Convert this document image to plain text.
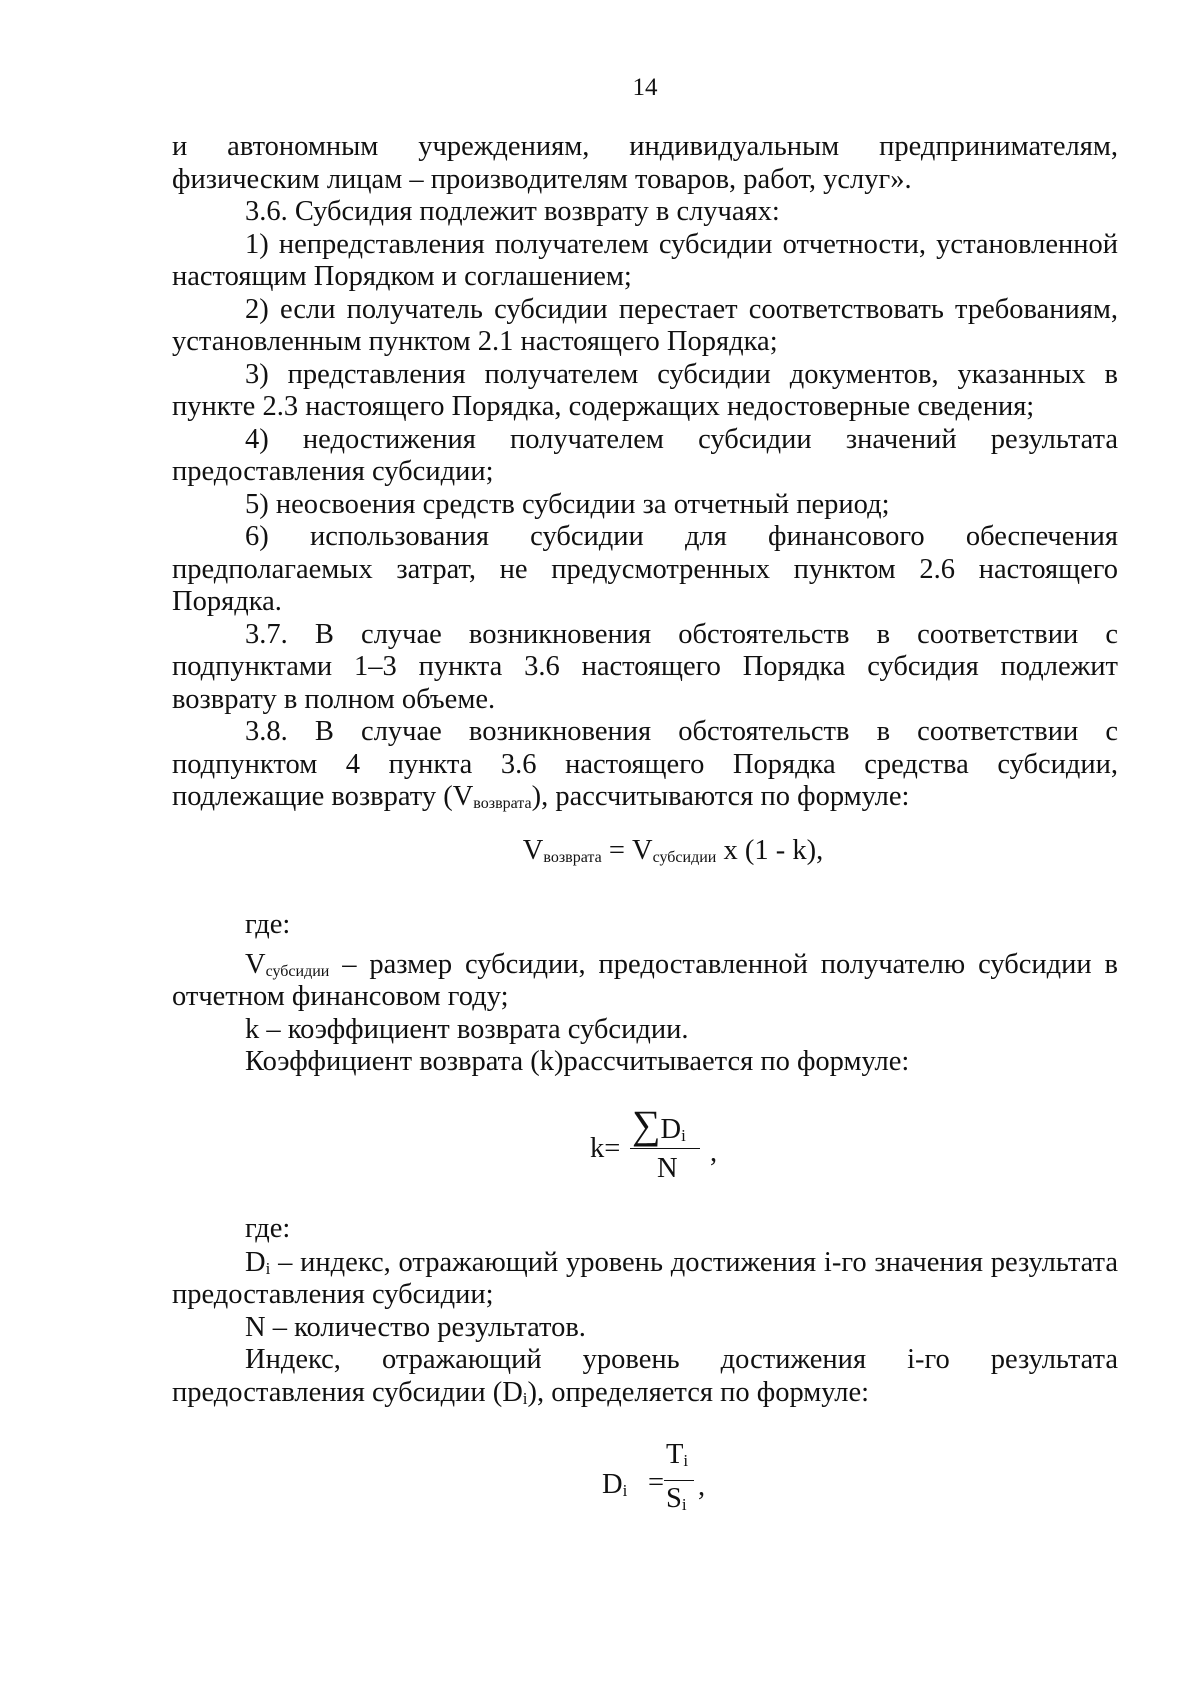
14

и автономным учреждениям, индивидуальным предпринимателям, физическим лицам – производителям товаров, работ, услуг».

3.6. Субсидия подлежит возврату в случаях:

1) непредставления получателем субсидии отчетности, установленной настоящим Порядком и соглашением;

2) если получатель субсидии перестает соответствовать требованиям, установленным пунктом 2.1 настоящего Порядка;

3) представления получателем субсидии документов, указанных в пункте 2.3 настоящего Порядка, содержащих недостоверные сведения;

4) недостижения получателем субсидии значений результата предоставления субсидии;

5) неосвоения средств субсидии за отчетный период;

6) использования субсидии для финансового обеспечения предполагаемых затрат, не предусмотренных пунктом 2.6 настоящего Порядка.

3.7. В случае возникновения обстоятельств в соответствии с подпунктами 1–3 пункта 3.6 настоящего Порядка субсидия подлежит возврату в полном объеме.

3.8. В случае возникновения обстоятельств в соответствии с подпунктом 4 пункта 3.6 настоящего Порядка средства субсидии, подлежащие возврату (Vвозврата), рассчитываются по формуле:

Vвозврата = Vсубсидии х (1 - k),
где:

Vсубсидии – размер субсидии, предоставленной получателю субсидии в отчетном финансовом году;

k – коэффициент возврата субсидии.

Коэффициент возврата (k)рассчитывается по формуле:

k=
∑Di
N
,
где:

Di – индекс, отражающий уровень достижения i-го значения результата предоставления субсидии;

N – количество результатов.

Индекс, отражающий уровень достижения i-го результата предоставления субсидии (Di), определяется по формуле:

Di =
Ti
Si
,
